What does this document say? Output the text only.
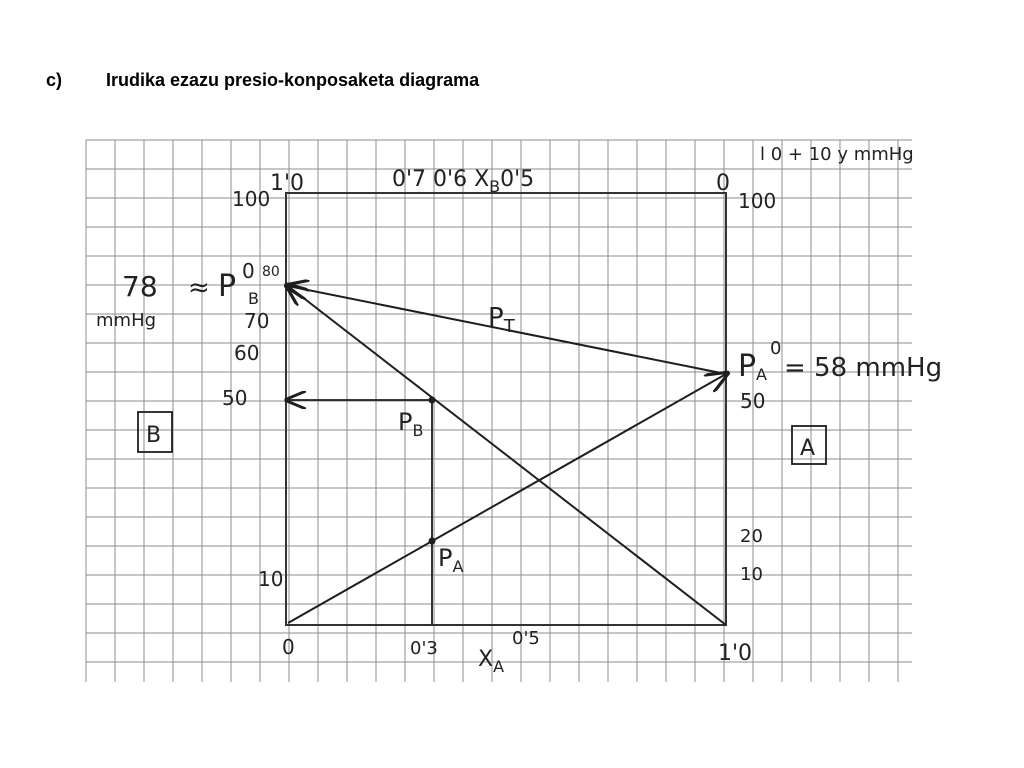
c) Irudika ezazu presio-konposaketa diagrama
1'0	0
0'7 0'6 $X_B0'5$
l 0 + 10 y mmHg
100
70
60
50
10
78
mmHg
≈ P 0
B
80
100
50
20
10
P A
0
= 58 mmHg
0	0'3	0'5
1'0
$X_A$
$P_T$
$P_B$
$P_A$
B
A
